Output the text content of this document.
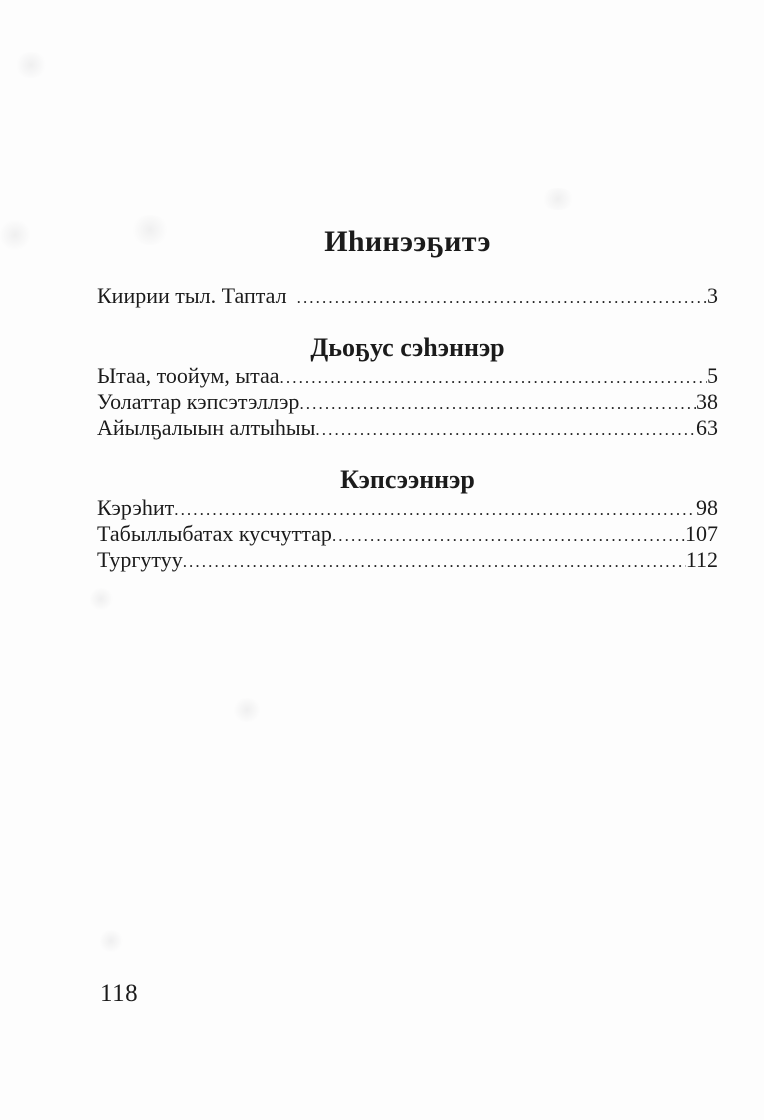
Иһинээҕитэ
Киирии тыл. Таптал .....	3
Дьоҕус сэһэннэр
Ытаа, тоойум, ытаа .....	5
Уолаттар кэпсэтэллэр .....	38
Айылҕалыын алтыһыы .....	63
Кэпсээннэр
Кэрэһит .....	98
Табыллыбатах кусчуттар .....	107
Тургутуу .....	112
118
